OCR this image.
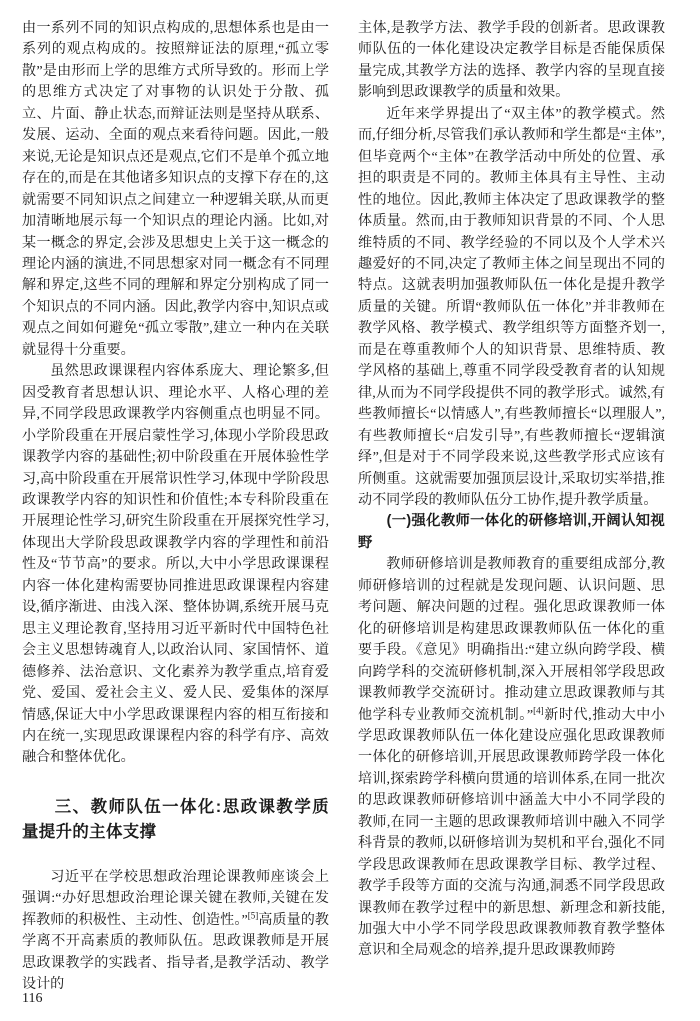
由一系列不同的知识点构成的,思想体系也是由一系列的观点构成的。按照辩证法的原理,“孤立零散”是由形而上学的思维方式所导致的。形而上学的思维方式决定了对事物的认识处于分散、孤立、片面、静止状态,而辩证法则是坚持从联系、发展、运动、全面的观点来看待问题。因此,一般来说,无论是知识点还是观点,它们不是单个孤立地存在的,而是在其他诸多知识点的支撑下存在的,这就需要不同知识点之间建立一种逻辑关联,从而更加清晰地展示每一个知识点的理论内涵。比如,对某一概念的界定,会涉及思想史上关于这一概念的理论内涵的演进,不同思想家对同一概念有不同理解和界定,这些不同的理解和界定分别构成了同一个知识点的不同内涵。因此,教学内容中,知识点或观点之间如何避免“孤立零散”,建立一种内在关联就显得十分重要。

虽然思政课课程内容体系庞大、理论繁多,但因受教育者思想认识、理论水平、人格心理的差异,不同学段思政课教学内容侧重点也明显不同。小学阶段重在开展启蒙性学习,体现小学阶段思政课教学内容的基础性;初中阶段重在开展体验性学习,高中阶段重在开展常识性学习,体现中学阶段思政课教学内容的知识性和价值性;本专科阶段重在开展理论性学习,研究生阶段重在开展探究性学习,体现出大学阶段思政课教学内容的学理性和前沿性及“节节高”的要求。所以,大中小学思政课课程内容一体化建构需要协同推进思政课课程内容建设,循序渐进、由浅入深、整体协调,系统开展马克思主义理论教育,坚持用习近平新时代中国特色社会主义思想铸魂育人,以政治认同、家国情怀、道德修养、法治意识、文化素养为教学重点,培育爱党、爱国、爱社会主义、爱人民、爱集体的深厚情感,保证大中小学思政课课程内容的相互衔接和内在统一,实现思政课课程内容的科学有序、高效融合和整体优化。

三、教师队伍一体化:思政课教学质量提升的主体支撑

习近平在学校思想政治理论课教师座谈会上强调:“办好思想政治理论课关键在教师,关键在发挥教师的积极性、主动性、创造性。”[5]高质量的教学离不开高素质的教师队伍。思政课教师是开展思政课教学的实践者、指导者,是教学活动、教学设计的

主体,是教学方法、教学手段的创新者。思政课教师队伍的一体化建设决定教学目标是否能保质保量完成,其教学方法的选择、教学内容的呈现直接影响到思政课教学的质量和效果。

近年来学界提出了“双主体”的教学模式。然而,仔细分析,尽管我们承认教师和学生都是“主体”,但毕竟两个“主体”在教学活动中所处的位置、承担的职责是不同的。教师主体具有主导性、主动性的地位。因此,教师主体决定了思政课教学的整体质量。然而,由于教师知识背景的不同、个人思维特质的不同、教学经验的不同以及个人学术兴趣爱好的不同,决定了教师主体之间呈现出不同的特点。这就表明加强教师队伍一体化是提升教学质量的关键。所谓“教师队伍一体化”并非教师在教学风格、教学模式、教学组织等方面整齐划一,而是在尊重教师个人的知识背景、思维特质、教学风格的基础上,尊重不同学段受教育者的认知规律,从而为不同学段提供不同的教学形式。诚然,有些教师擅长“以情感人”,有些教师擅长“以理服人”,有些教师擅长“启发引导”,有些教师擅长“逻辑演绎”,但是对于不同学段来说,这些教学形式应该有所侧重。这就需要加强顶层设计,采取切实举措,推动不同学段的教师队伍分工协作,提升教学质量。

(一)强化教师一体化的研修培训,开阔认知视野

教师研修培训是教师教育的重要组成部分,教师研修培训的过程就是发现问题、认识问题、思考问题、解决问题的过程。强化思政课教师一体化的研修培训是构建思政课教师队伍一体化的重要手段。《意见》明确指出:“建立纵向跨学段、横向跨学科的交流研修机制,深入开展相邻学段思政课教师教学交流研讨。推动建立思政课教师与其他学科专业教师交流机制。”[4]新时代,推动大中小学思政课教师队伍一体化建设应强化思政课教师一体化的研修培训,开展思政课教师跨学段一体化培训,探索跨学科横向贯通的培训体系,在同一批次的思政课教师研修培训中涵盖大中小不同学段的教师,在同一主题的思政课教师培训中融入不同学科背景的教师,以研修培训为契机和平台,强化不同学段思政课教师在思政课教学目标、教学过程、教学手段等方面的交流与沟通,洞悉不同学段思政课教师在教学过程中的新思想、新理念和新技能,加强大中小学不同学段思政课教师教育教学整体意识和全局观念的培养,提升思政课教师跨

116
